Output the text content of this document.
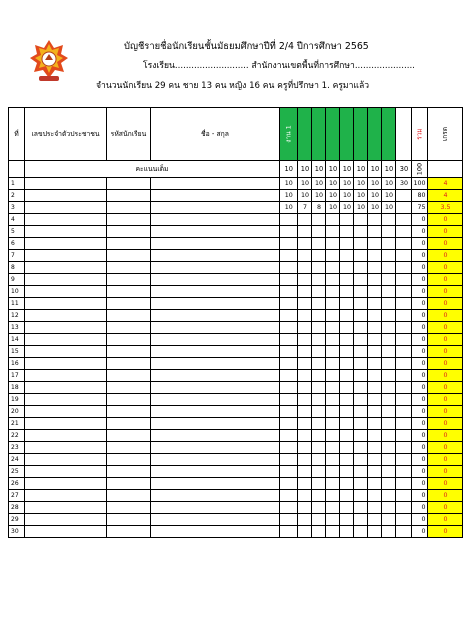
บัญชีรายชื่อนักเรียนชั้นมัธยมศึกษาปีที่ 2/4 ปีการศึกษา 2565
โรงเรียน........................... สำนักงานเขตพื้นที่การศึกษา......................
จำนวนนักเรียน 29 คน ชาย 13 คน หญิง 16 คน ครูที่ปรึกษา 1. ครูมาแล้ว
ที่	เลขประจำตัวประชาชน	รหัสนักเรียน	ชื่อ - สกุล	งาน 1									รวม	เกรด

	คะแนนเต็ม			10	10	10	10	10	10	10	10	30	100	

1				10	10	10	10	10	10	10	10	30	100	4
2				10	10	10	10	10	10	10	10		80	4
3				10	7	8	10	10	10	10	10		75	3.5
4													0	0
5													0	0
6													0	0
7													0	0
8													0	0
9													0	0
10													0	0
11													0	0
12													0	0
13													0	0
14													0	0
15													0	0
16													0	0
17													0	0
18													0	0
19													0	0
20													0	0
21													0	0
22													0	0
23													0	0
24													0	0
25													0	0
26													0	0
27													0	0
28													0	0
29													0	0
30													0	0
